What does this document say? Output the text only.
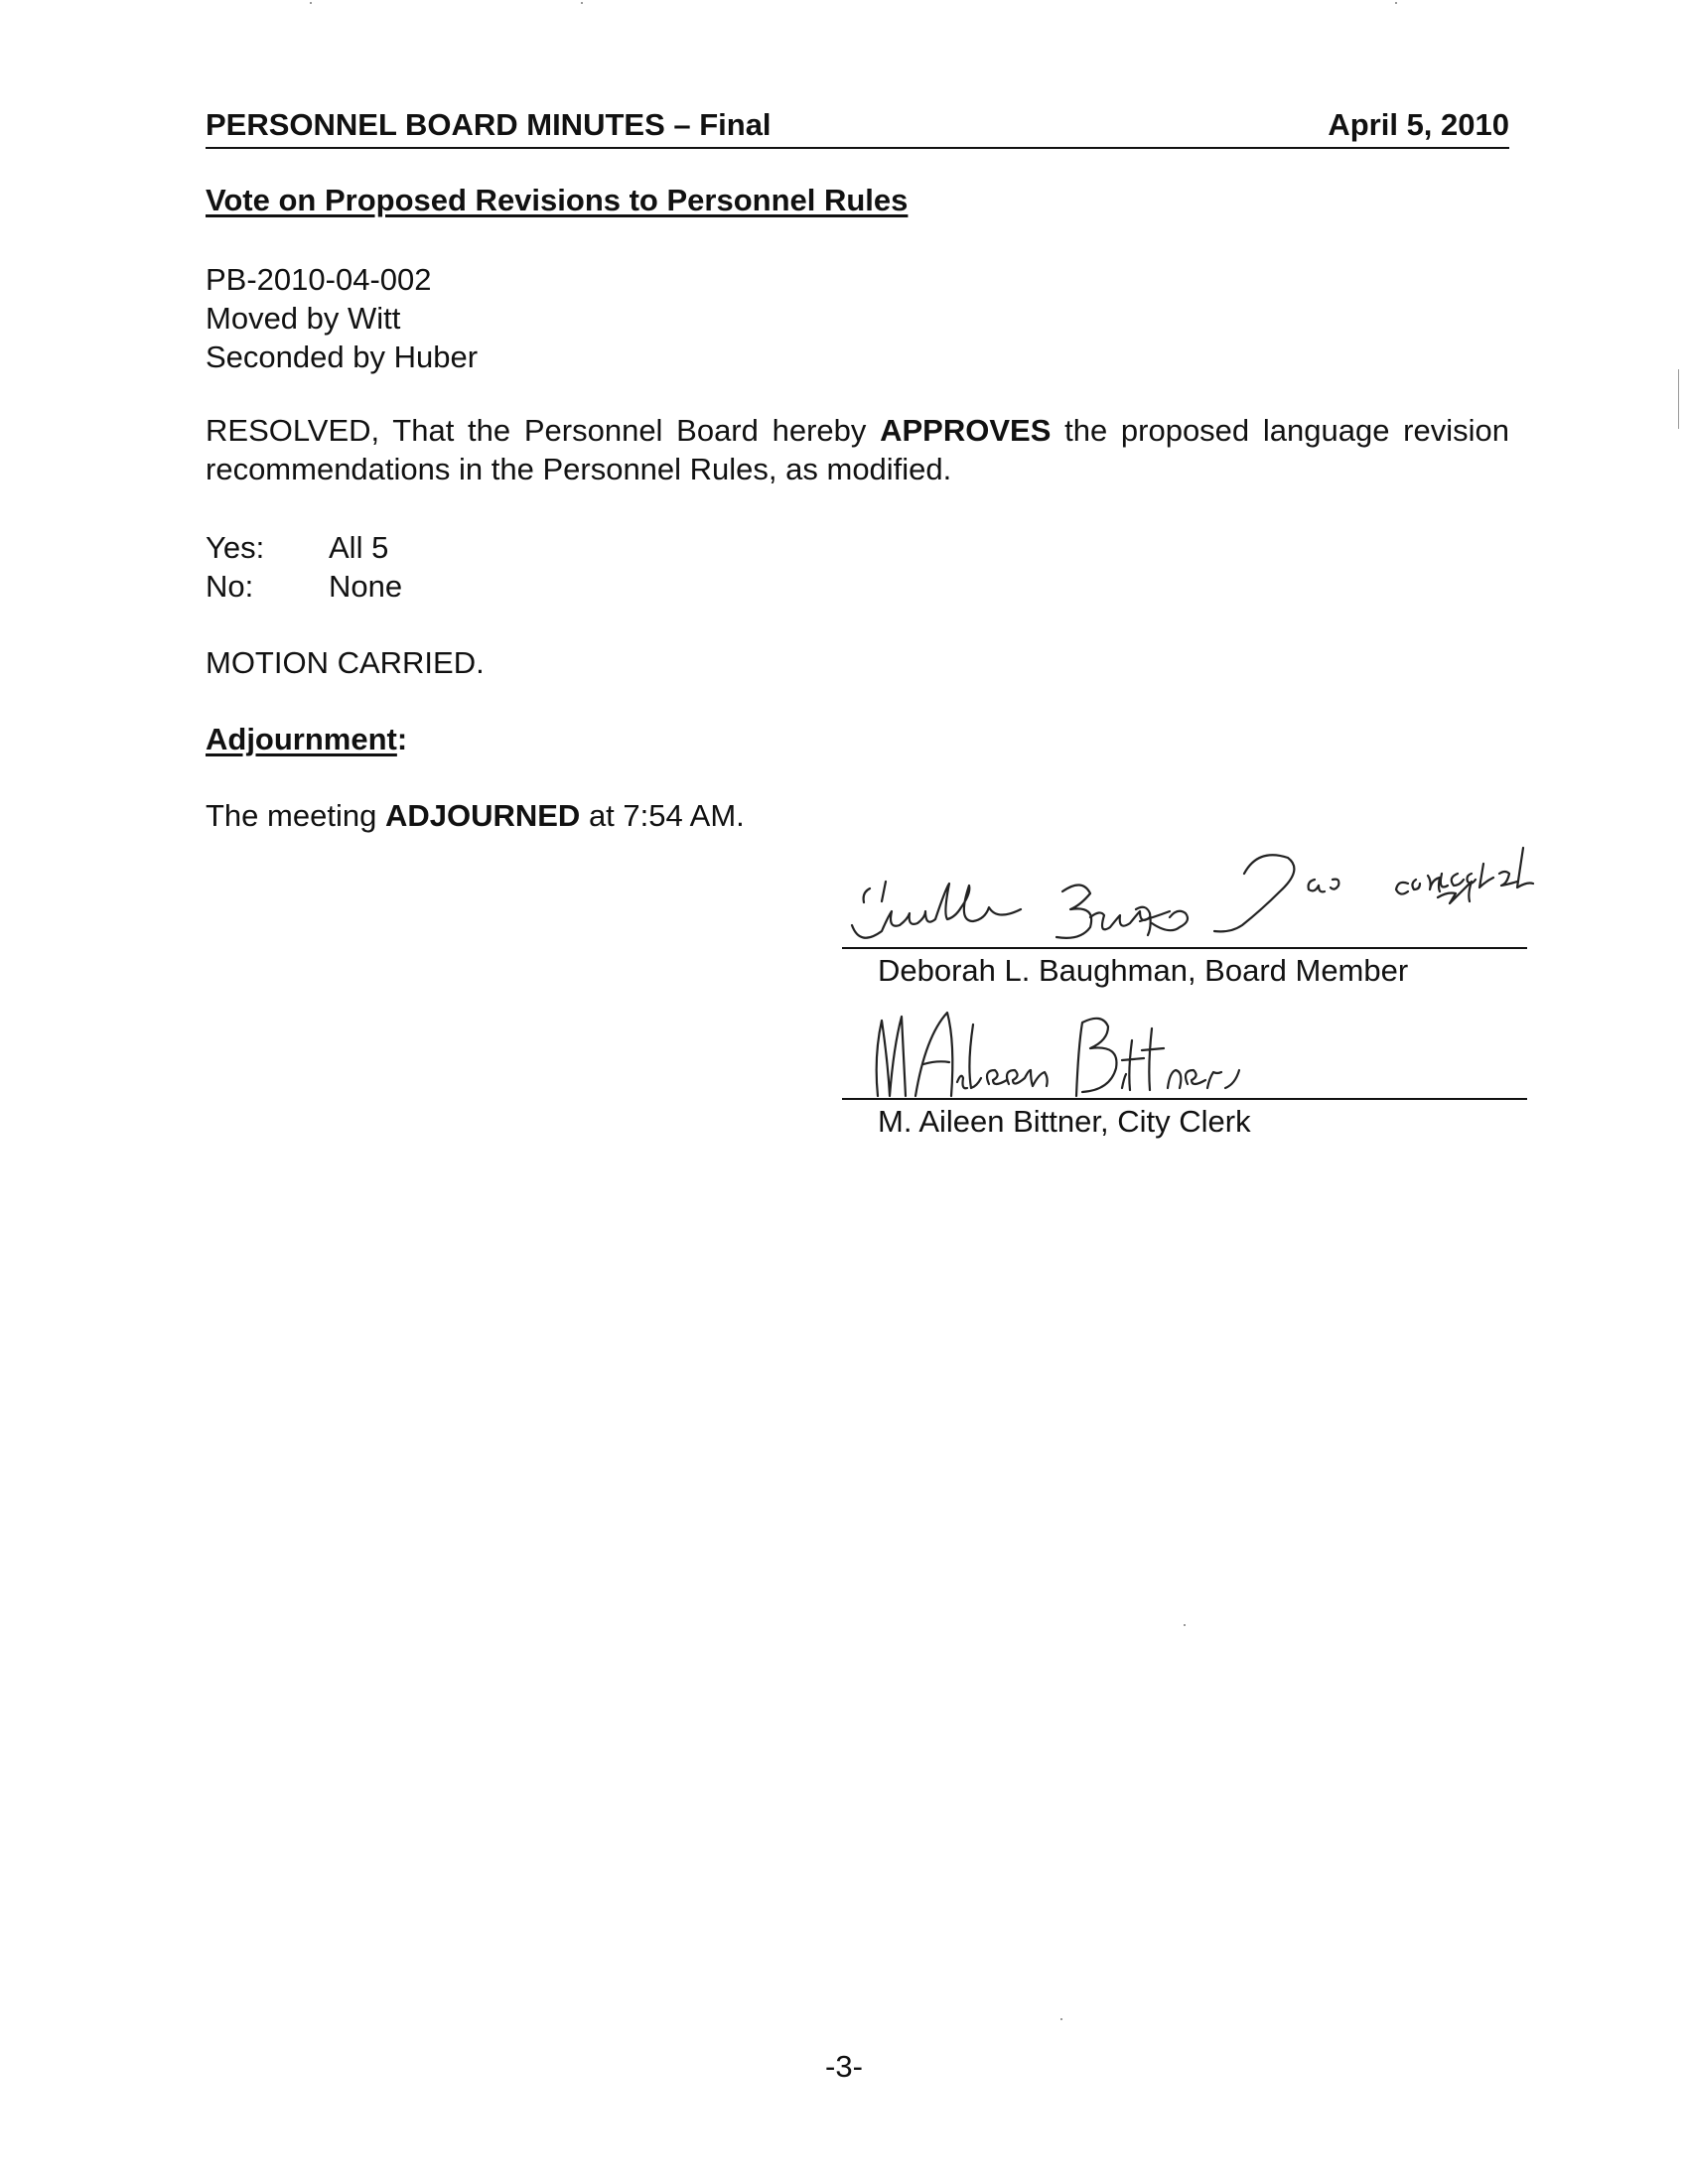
PERSONNEL BOARD MINUTES – Final	April 5, 2010
Vote on Proposed Revisions to Personnel Rules
PB-2010-04-002
Moved by Witt
Seconded by Huber
RESOLVED, That the Personnel Board hereby APPROVES the proposed language revision recommendations in the Personnel Rules, as modified.
Yes: All 5
No: None
MOTION CARRIED.
Adjournment:
The meeting ADJOURNED at 7:54 AM.
Deborah L. Baughman, Board Member
M. Aileen Bittner, City Clerk
-3-
